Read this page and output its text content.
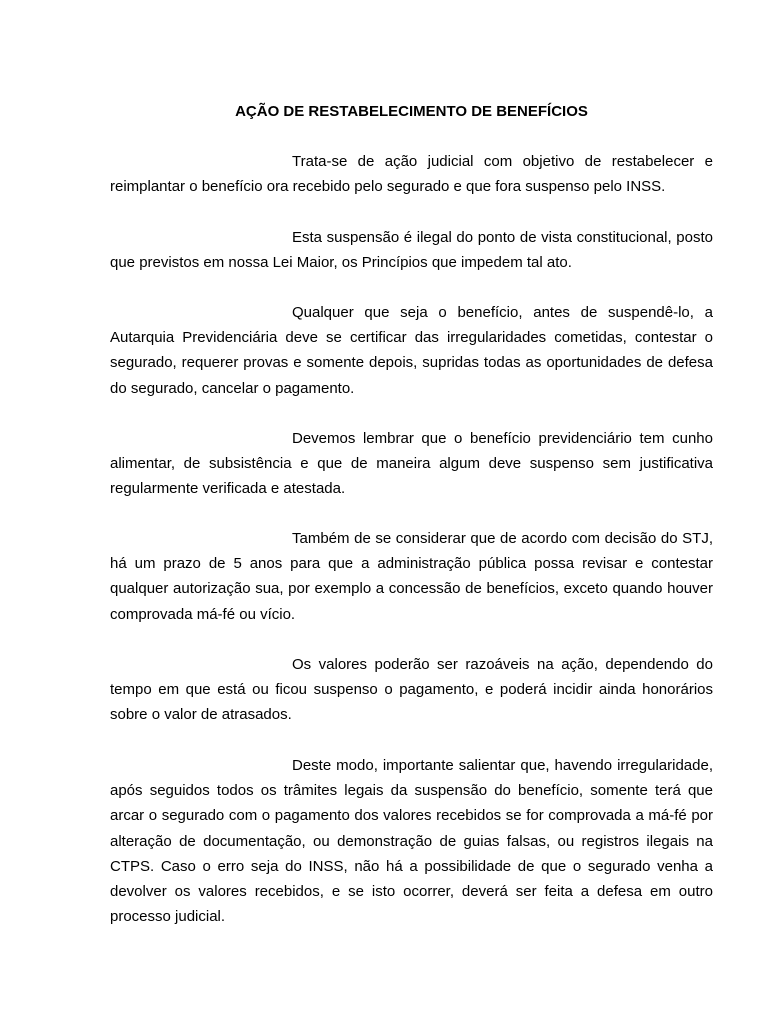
AÇÃO DE RESTABELECIMENTO DE BENEFÍCIOS

Trata-se de ação judicial com objetivo de restabelecer e reimplantar o benefício ora recebido pelo segurado e que fora suspenso pelo INSS.

Esta suspensão é ilegal do ponto de vista constitucional, posto que previstos em nossa Lei Maior, os Princípios que impedem tal ato.

Qualquer que seja o benefício, antes de suspendê-lo, a Autarquia Previdenciária deve se certificar das irregularidades cometidas, contestar o segurado, requerer provas e somente depois, supridas todas as oportunidades de defesa do segurado, cancelar o pagamento.

Devemos lembrar que o benefício previdenciário tem cunho alimentar, de subsistência e que de maneira algum deve suspenso sem justificativa regularmente verificada e atestada.

Também de se considerar que de acordo com decisão do STJ, há um prazo de 5 anos para que a administração pública possa revisar e contestar qualquer autorização sua, por exemplo a concessão de benefícios, exceto quando houver comprovada má-fé ou vício.

Os valores poderão ser razoáveis na ação, dependendo do tempo em que está ou ficou suspenso o pagamento, e poderá incidir ainda honorários sobre o valor de atrasados.

Deste modo, importante salientar que, havendo irregularidade, após seguidos todos os trâmites legais da suspensão do benefício, somente terá que arcar o segurado com o pagamento dos valores recebidos se for comprovada a má-fé por alteração de documentação, ou demonstração de guias falsas, ou registros ilegais na CTPS. Caso o erro seja do INSS, não há a possibilidade de que o segurado venha a devolver os valores recebidos, e se isto ocorrer, deverá ser feita a defesa em outro processo judicial.
